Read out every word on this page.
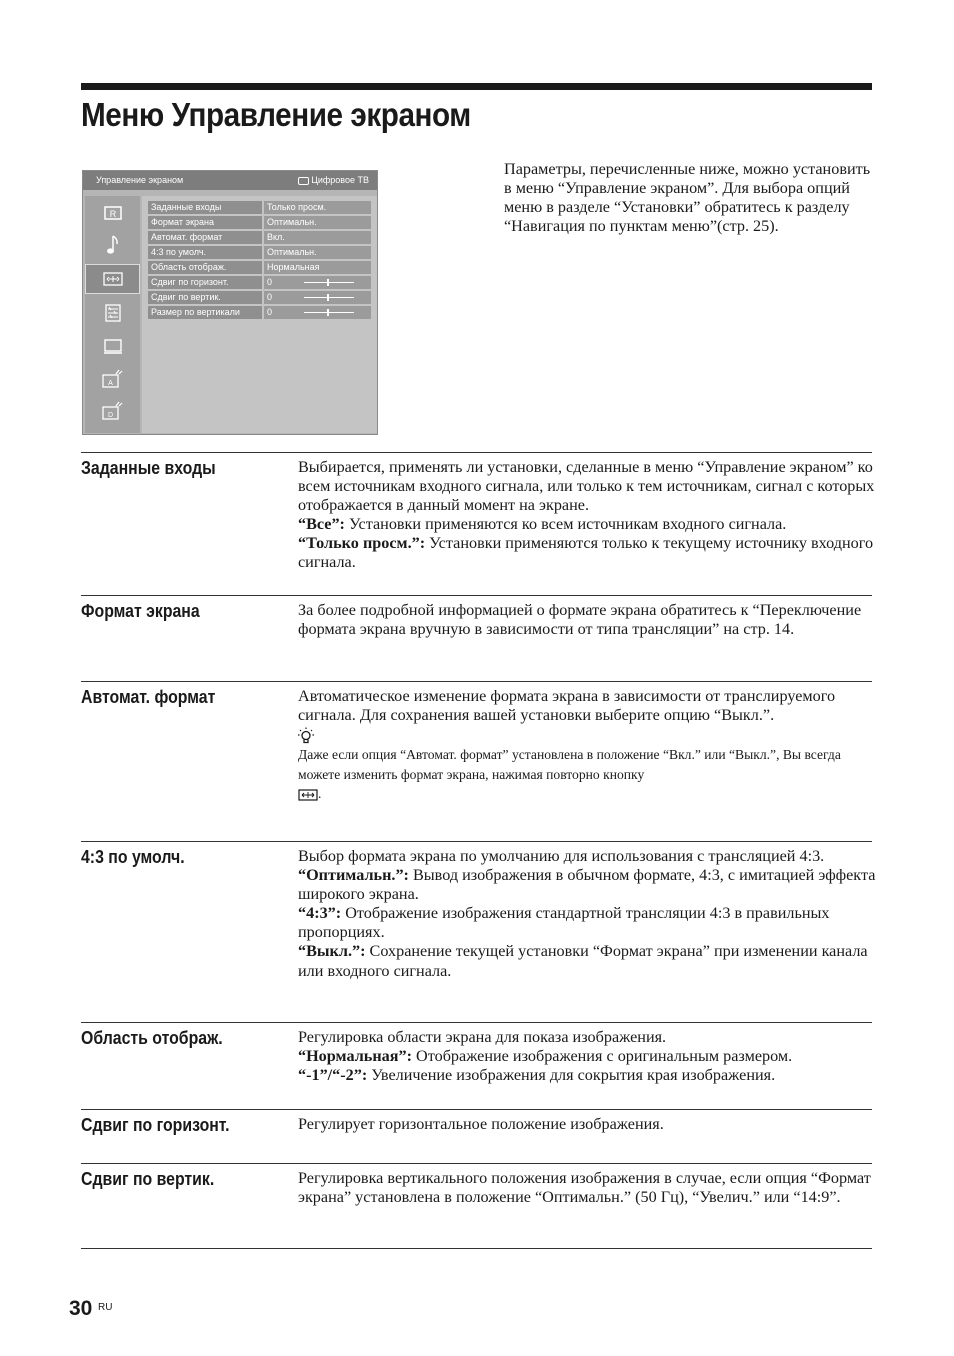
Меню Управление экраном
Управление экраном	Цифровое ТВ
R
A
D
Заданные входы	Только просм.
Формат экрана	Оптимальн.
Автомат. формат	Вкл.
4:3 по умолч.	Оптимальн.
Область отображ.	Нормальная
Сдвиг по горизонт.	0
Сдвиг по вертик.	0
Размер по вертикали	0
Параметры, перечисленные ниже, можно установить в меню “Управление экраном”. Для выбора опций меню в разделе “Установки” обратитесь к разделу “Навигация по пунктам меню”(стр. 25).
Заданные входы	Выбирается, применять ли установки, сделанные в меню “Управление экраном” ко всем источникам входного сигнала, или только к тем источникам, сигнал с которых отображается в данный момент на экране.

“Все”: Установки применяются ко всем источникам входного сигнала.

“Только просм.”: Установки применяются только к текущему источнику входного сигнала.

Формат экрана	За более подробной информацией о формате экрана обратитесь к “Переключение формата экрана вручную в зависимости от типа трансляции” на стр. 14.

Автомат. формат	Автоматическое изменение формата экрана в зависимости от транслируемого сигнала. Для сохранения вашей установки выберите опцию “Выкл.”.

Даже если опция “Автомат. формат” установлена в положение “Вкл.” или “Выкл.”, Вы всегда можете изменить формат экрана, нажимая повторно кнопку
.

4:3 по умолч.	Выбор формата экрана по умолчанию для использования с трансляцией 4:3.

“Оптимальн.”: Вывод изображения в обычном формате, 4:3, с имитацией эффекта широкого экрана.

“4:3”: Отображение изображения стандартной трансляции 4:3 в правильных пропорциях.

“Выкл.”: Сохранение текущей установки “Формат экрана” при изменении канала или входного сигнала.

Область отображ.	Регулировка области экрана для показа изображения.

“Нормальная”: Отображение изображения с оригинальным размером.

“-1”/“-2”: Увеличение изображения для сокрытия края изображения.

Сдвиг по горизонт.	Регулирует горизонтальное положение изображения.

Сдвиг по вертик.	Регулировка вертикального положения изображения в случае, если опция “Формат экрана” установлена в положение “Оптимальн.” (50 Гц), “Увелич.” или “14:9”.

30 RU
